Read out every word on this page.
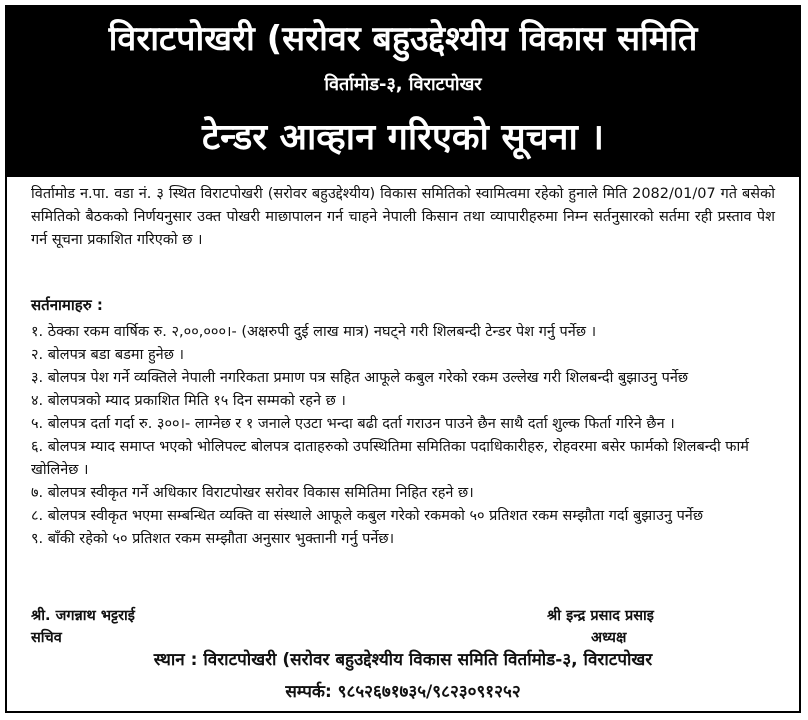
विराटपोखरी (सरोवर बहुउद्देश्यीय विकास समिति
विर्तामोड-३, विराटपोखर
टेन्डर आव्हान गरिएको सूचना ।
विर्तामोड न.पा. वडा नं. ३ स्थित विराटपोखरी (सरोवर बहुउद्देश्यीय) विकास समितिको स्वामित्वमा रहेको हुनाले मिति 2082/01/07 गते बसेको समितिको बैठकको निर्णयनुसार उक्त पोखरी माछापालन गर्न चाहने नेपाली किसान तथा व्यापारीहरुमा निम्न सर्तनुसारको सर्तमा रही प्रस्ताव पेश गर्न सूचना प्रकाशित गरिएको छ ।
सर्तनामाहरु :
१. ठेक्का रकम वार्षिक रु. २,००,०००।- (अक्षरुपी दुई लाख मात्र) नघट्ने गरी शिलबन्दी टेन्डर पेश गर्नु पर्नेछ ।
२. बोलपत्र बडा बडमा हुनेछ ।
३. बोलपत्र पेश गर्ने व्यक्तिले नेपाली नगरिकता प्रमाण पत्र सहित आफूले कबुल गरेको रकम उल्लेख गरी शिलबन्दी बुझाउनु पर्नेछ
४. बोलपत्रको म्याद प्रकाशित मिति १५ दिन सम्मको रहने छ ।
५. बोलपत्र दर्ता गर्दा रु. ३००।- लाग्नेछ र १ जनाले एउटा भन्दा बढी दर्ता गराउन पाउने छैन साथै दर्ता शुल्क फिर्ता गरिने छैन ।
६. बोलपत्र म्याद समाप्त भएको भोलिपल्ट बोलपत्र दाताहरुको उपस्थितिमा समितिका पदाधिकारीहरु, रोहवरमा बसेर फार्मको शिलबन्दी फार्म खोलिनेछ ।
७. बोलपत्र स्वीकृत गर्ने अधिकार विराटपोखर सरोवर विकास समितिमा निहित रहने छ।
८. बोलपत्र स्वीकृत भएमा सम्बन्धित व्यक्ति वा संस्थाले आफूले कबुल गरेको रकमको ५० प्रतिशत रकम सम्झौता गर्दा बुझाउनु पर्नेछ
९. बाँकी रहेको ५० प्रतिशत रकम सम्झौता अनुसार भुक्तानी गर्नु पर्नेछ।
श्री. जगन्नाथ भट्टराई
सचिव
श्री इन्द्र प्रसाद प्रसाइ
अध्यक्ष
स्थान : विराटपोखरी (सरोवर बहुउद्देश्यीय विकास समिति विर्तामोड-३, विराटपोखर
सम्पर्क: ९८५२६७१७३५/९८२३०९१२५२
